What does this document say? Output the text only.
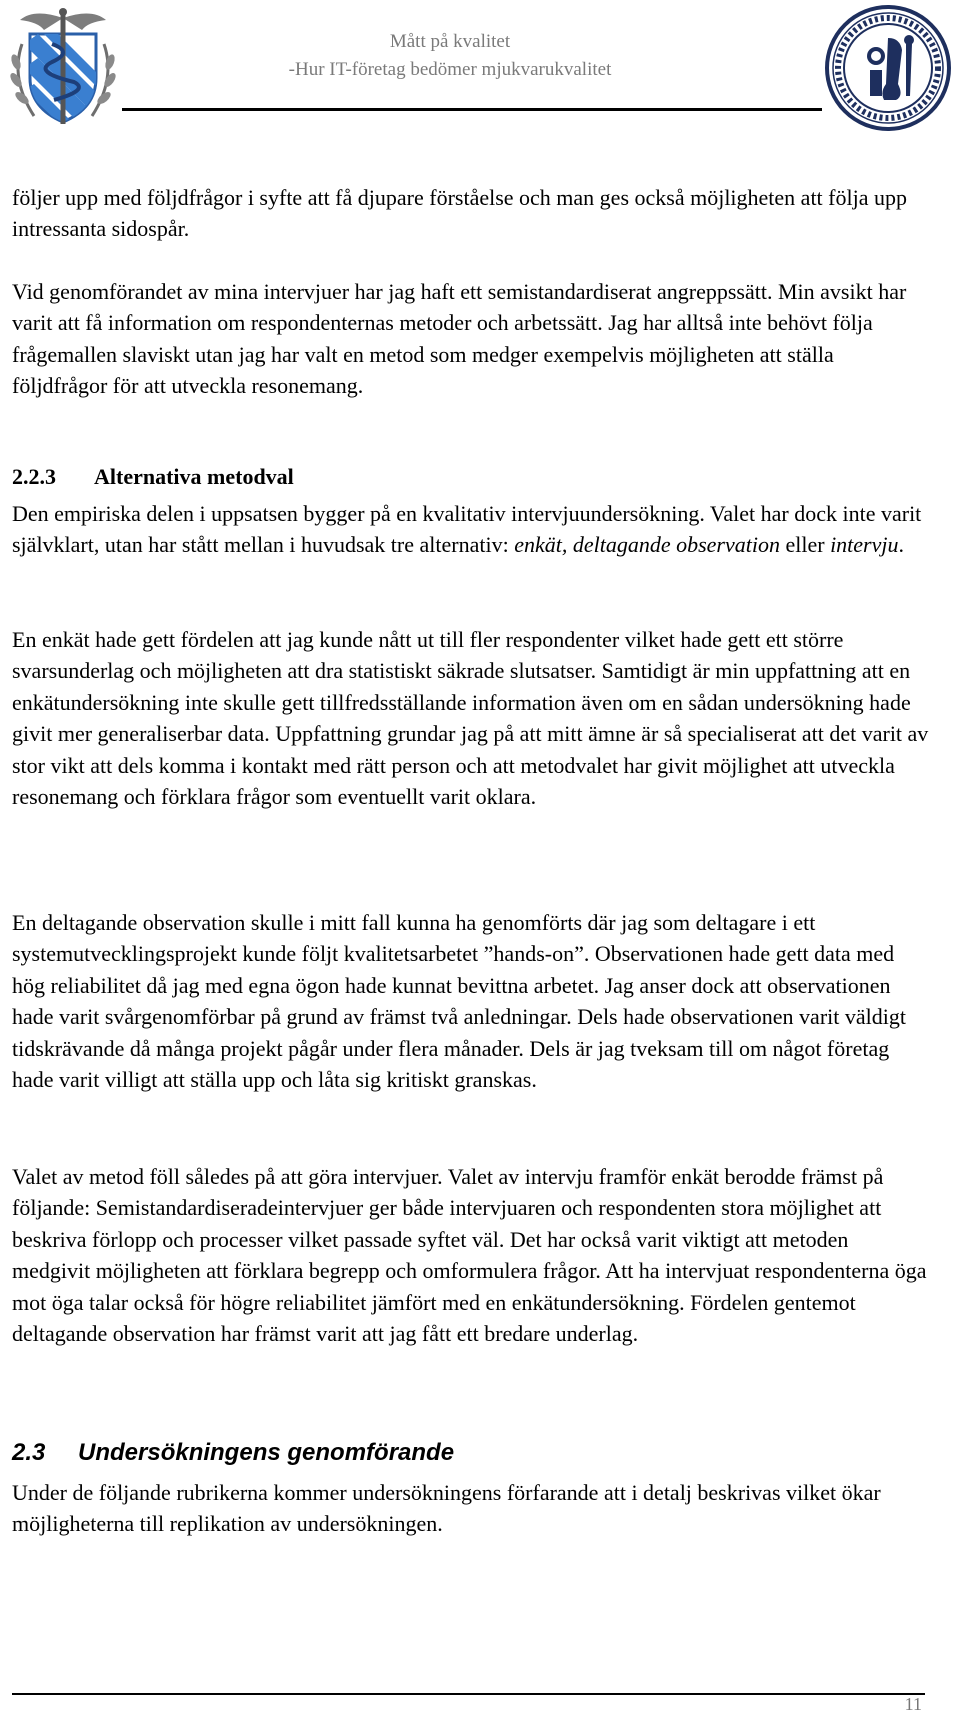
Mått på kvalitet
-Hur IT-företag bedömer mjukvarukvalitet

följer upp med följdfrågor i syfte att få djupare förståelse och man ges också möjligheten att följa upp intressanta sidospår.

Vid genomförandet av mina intervjuer har jag haft ett semistandardiserat angreppssätt. Min avsikt har varit att få information om respondenternas metoder och arbetssätt. Jag har alltså inte behövt följa frågemallen slaviskt utan jag har valt en metod som medger exempelvis möjligheten att ställa följdfrågor för att utveckla resonemang.

2.2.3 Alternativa metodval

Den empiriska delen i uppsatsen bygger på en kvalitativ intervjuundersökning. Valet har dock inte varit självklart, utan har stått mellan i huvudsak tre alternativ: enkät, deltagande observation eller intervju.

En enkät hade gett fördelen att jag kunde nått ut till fler respondenter vilket hade gett ett större svarsunderlag och möjligheten att dra statistiskt säkrade slutsatser. Samtidigt är min uppfattning att en enkätundersökning inte skulle gett tillfredsställande information även om en sådan undersökning hade givit mer generaliserbar data. Uppfattning grundar jag på att mitt ämne är så specialiserat att det varit av stor vikt att dels komma i kontakt med rätt person och att metodvalet har givit möjlighet att utveckla resonemang och förklara frågor som eventuellt varit oklara.

En deltagande observation skulle i mitt fall kunna ha genomförts där jag som deltagare i ett systemutvecklingsprojekt kunde följt kvalitetsarbetet ”hands-on”. Observationen hade gett data med hög reliabilitet då jag med egna ögon hade kunnat bevittna arbetet. Jag anser dock att observationen hade varit svårgenomförbar på grund av främst två anledningar. Dels hade observationen varit väldigt tidskrävande då många projekt pågår under flera månader. Dels är jag tveksam till om något företag hade varit villigt att ställa upp och låta sig kritiskt granskas.

Valet av metod föll således på att göra intervjuer. Valet av intervju framför enkät berodde främst på följande: Semistandardiseradeintervjuer ger både intervjuaren och respondenten stora möjlighet att beskriva förlopp och processer vilket passade syftet väl. Det har också varit viktigt att metoden medgivit möjligheten att förklara begrepp och omformulera frågor. Att ha intervjuat respondenterna öga mot öga talar också för högre reliabilitet jämfört med en enkätundersökning. Fördelen gentemot deltagande observation har främst varit att jag fått ett bredare underlag.

2.3 Undersökningens genomförande

Under de följande rubrikerna kommer undersökningens förfarande att i detalj beskrivas vilket ökar möjligheterna till replikation av undersökningen.

11
